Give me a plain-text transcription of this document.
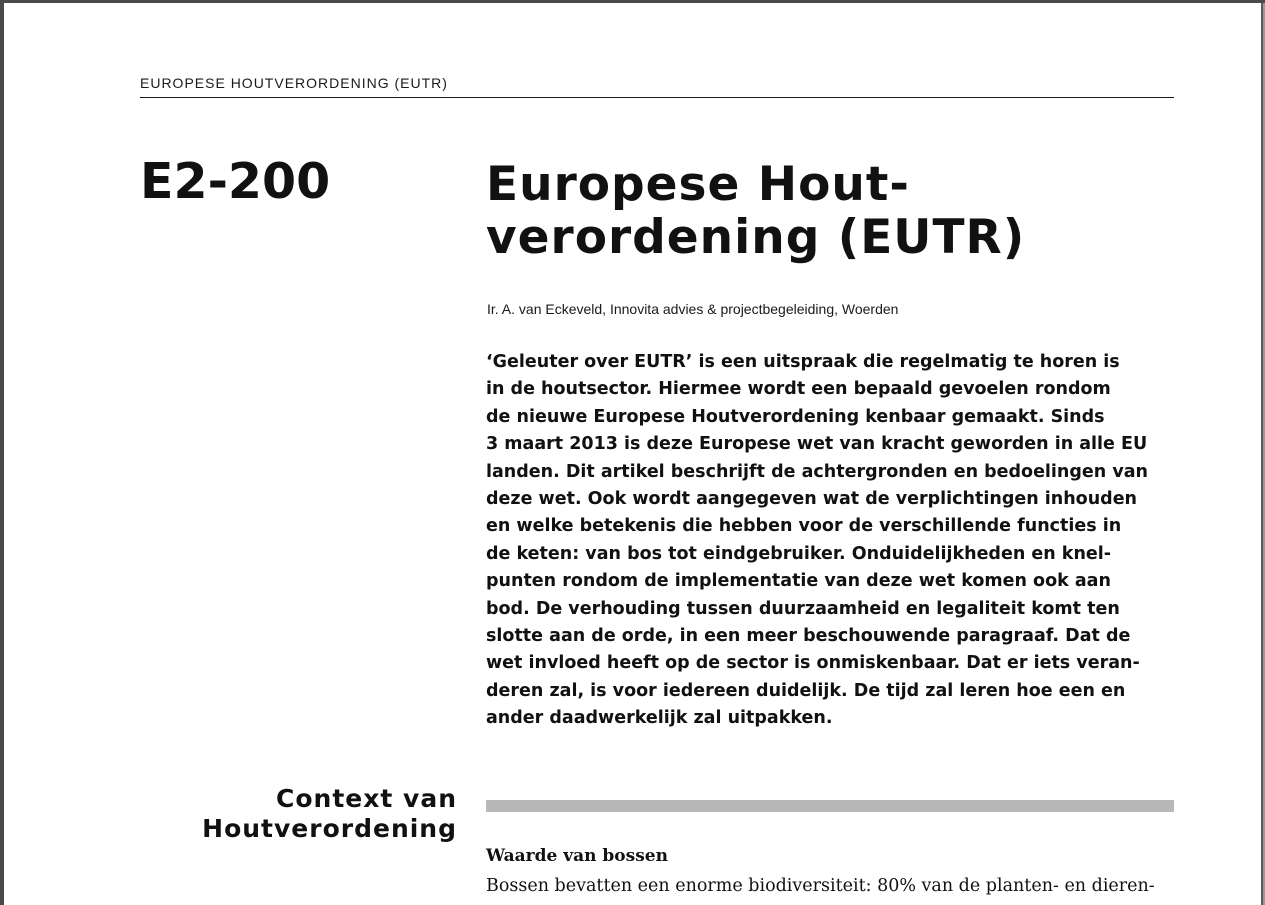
EUROPESE HOUTVERORDENING (EUTR)
E2-200	Europese Hout-
verordening (EUTR)
Ir. A. van Eckeveld, Innovita advies & projectbegeleiding, Woerden
‘Geleuter over EUTR’ is een uitspraak die regelmatig te horen is
in de houtsector. Hiermee wordt een bepaald gevoelen rondom
de nieuwe Europese Houtverordening kenbaar gemaakt. Sinds
3 maart 2013 is deze Europese wet van kracht geworden in alle EU
landen. Dit artikel beschrijft de achtergronden en bedoelingen van
deze wet. Ook wordt aangegeven wat de verplichtingen inhouden
en welke betekenis die hebben voor de verschillende functies in
de keten: van bos tot eindgebruiker. Onduidelijkheden en knel-
punten rondom de implementatie van deze wet komen ook aan
bod. De verhouding tussen duurzaamheid en legaliteit komt ten
slotte aan de orde, in een meer beschouwende paragraaf. Dat de
wet invloed heeft op de sector is onmiskenbaar. Dat er iets veran-
deren zal, is voor iedereen duidelijk. De tijd zal leren hoe een en
ander daadwerkelijk zal uitpakken.
Context van
Houtverordening
Waarde van bossen
Bossen bevatten een enorme biodiversiteit: 80% van de planten- en dieren-
